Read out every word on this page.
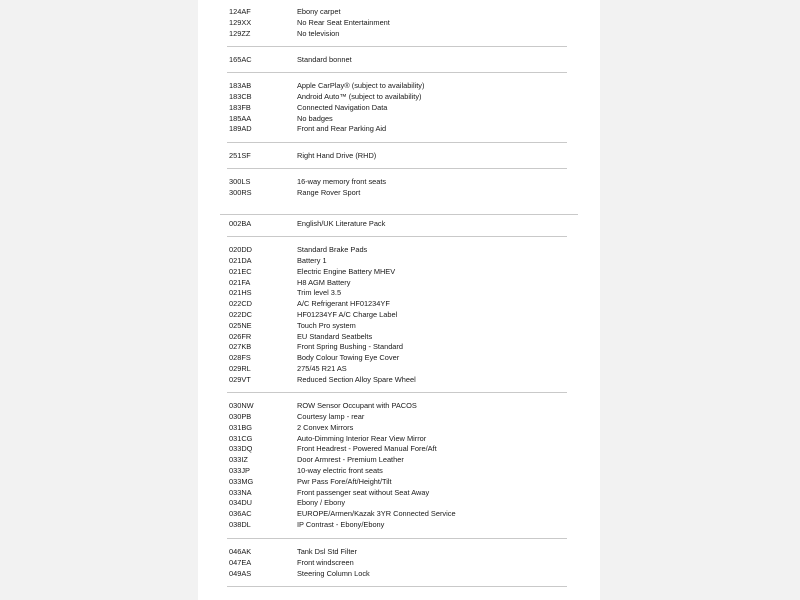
124AF	Ebony carpet
129XX	No Rear Seat Entertainment
129ZZ	No television
165AC	Standard bonnet
183AB	Apple CarPlay® (subject to availability)
183CB	Android Auto™ (subject to availability)
183FB	Connected Navigation Data
185AA	No badges
189AD	Front and Rear Parking Aid
251SF	Right Hand Drive (RHD)
300LS	16-way memory front seats
300RS	Range Rover Sport
002BA	English/UK Literature Pack
020DD	Standard Brake Pads
021DA	Battery 1
021EC	Electric Engine Battery MHEV
021FA	H8 AGM Battery
021HS	Trim level 3.5
022CD	A/C Refrigerant HF01234YF
022DC	HF01234YF A/C Charge Label
025NE	Touch Pro system
026FR	EU Standard Seatbelts
027KB	Front Spring Bushing - Standard
028FS	Body Colour Towing Eye Cover
029RL	275/45 R21 AS
029VT	Reduced Section Alloy Spare Wheel
030NW	ROW Sensor Occupant with PACOS
030PB	Courtesy lamp - rear
031BG	2 Convex Mirrors
031CG	Auto-Dimming Interior Rear View Mirror
033DQ	Front Headrest - Powered Manual Fore/Aft
033IZ	Door Armrest - Premium Leather
033JP	10-way electric front seats
033MG	Pwr Pass Fore/Aft/Height/Tilt
033NA	Front passenger seat without Seat Away
034DU	Ebony / Ebony
036AC	EUROPE/Armen/Kazak 3YR Connected Service
038DL	IP Contrast - Ebony/Ebony
046AK	Tank Dsl Std Filter
047EA	Front windscreen
049AS	Steering Column Lock
